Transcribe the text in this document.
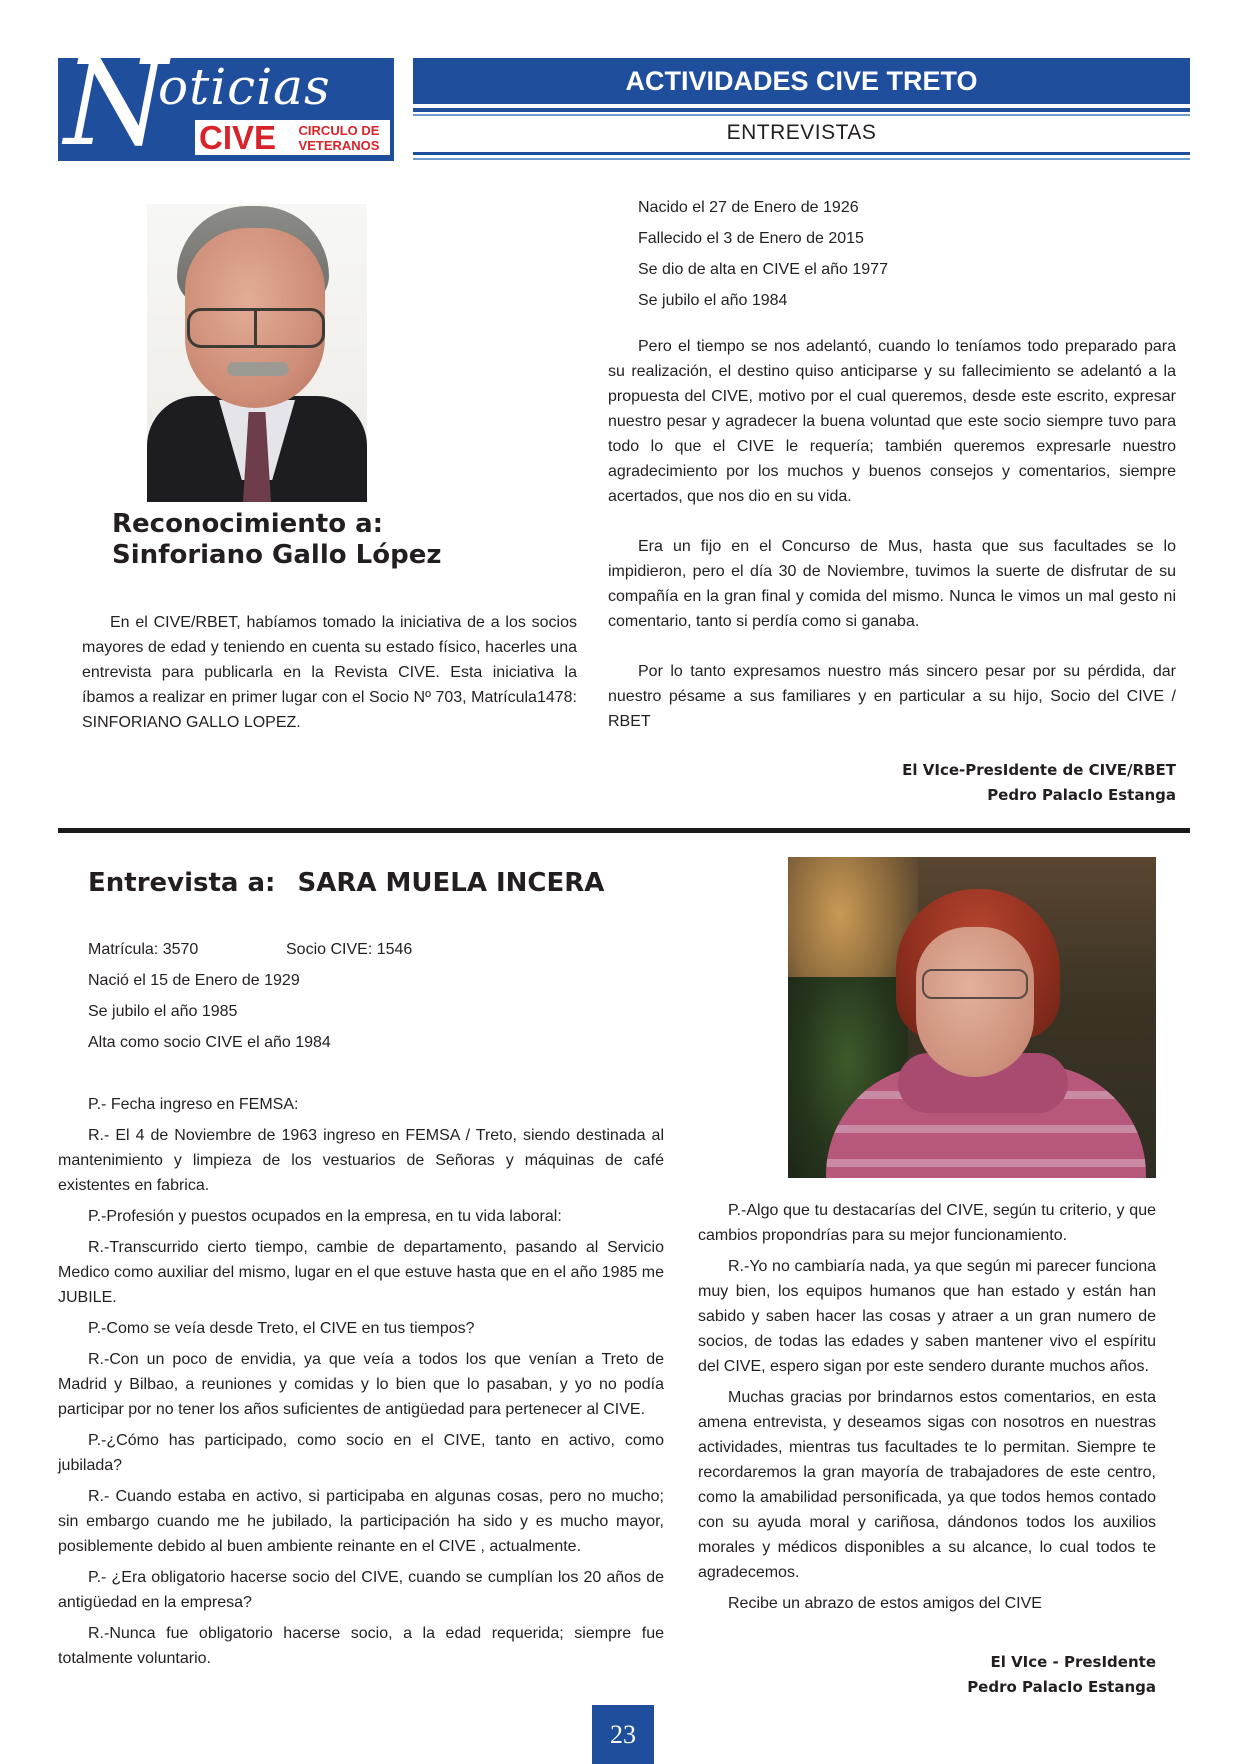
N
oticias
CIVE	CIRCULO DE
VETERANOS
ACTIVIDADES CIVE TRETO
ENTREVISTAS
Reconocimiento a:
Sinforiano Gallo López

En el CIVE/RBET, habíamos tomado la iniciativa de a los socios mayores de edad y teniendo en cuenta su estado físico, hacerles una entrevista para publicarla en la Revista CIVE. Esta iniciativa la íbamos a realizar en primer lugar con el Socio Nº 703, Matrícula1478: SINFORIANO GALLO LOPEZ.

Nacido el 27 de Enero de 1926
Fallecido el 3 de Enero de 2015
Se dio de alta en CIVE el año 1977
Se jubilo el año 1984

Pero el tiempo se nos adelantó, cuando lo teníamos todo preparado para su realización, el destino quiso anticiparse y su fallecimiento se adelantó a la propuesta del CIVE, motivo por el cual queremos, desde este escrito, expresar nuestro pesar y agradecer la buena voluntad que este socio siempre tuvo para todo lo que el CIVE le requería; también queremos expresarle nuestro agradecimiento por los muchos y buenos consejos y comentarios, siempre acertados, que nos dio en su vida.

Era un fijo en el Concurso de Mus, hasta que sus facultades se lo impidieron, pero el día 30 de Noviembre, tuvimos la suerte de disfrutar de su compañía en la gran final y comida del mismo. Nunca le vimos un mal gesto ni comentario, tanto si perdía como si ganaba.

Por lo tanto expresamos nuestro más sincero pesar por su pérdida, dar nuestro pésame a sus familiares y en particular a su hijo, Socio del CIVE / RBET

El VIce-PresIdente de CIVE/RBET
Pedro PalacIo Estanga
Entrevista a: SARA MUELA INCERA
Matrícula: 3570	Socio CIVE: 1546
Nació el 15 de Enero de 1929
Se jubilo el año 1985
Alta como socio CIVE el año 1984

P.- Fecha ingreso en FEMSA:

R.- El 4 de Noviembre de 1963 ingreso en FEMSA / Treto, siendo destinada al mantenimiento y limpieza de los vestuarios de Señoras y máquinas de café existentes en fabrica.

P.-Profesión y puestos ocupados en la empresa, en tu vida laboral:

R.-Transcurrido cierto tiempo, cambie de departamento, pasando al Servicio Medico como auxiliar del mismo, lugar en el que estuve hasta que en el año 1985 me JUBILE.

P.-Como se veía desde Treto, el CIVE en tus tiempos?

R.-Con un poco de envidia, ya que veía a todos los que venían a Treto de Madrid y Bilbao, a reuniones y comidas y lo bien que lo pasaban, y yo no podía participar por no tener los años suficientes de antigüedad para pertenecer al CIVE.

P.-¿Cómo has participado, como socio en el CIVE, tanto en activo, como jubilada?

R.- Cuando estaba en activo, si participaba en algunas cosas, pero no mucho; sin embargo cuando me he jubilado, la participación ha sido y es mucho mayor, posiblemente debido al buen ambiente reinante en el CIVE , actualmente.

P.- ¿Era obligatorio hacerse socio del CIVE, cuando se cumplían los 20 años de antigüedad en la empresa?

R.-Nunca fue obligatorio hacerse socio, a la edad requerida; siempre fue totalmente voluntario.

P.-Algo que tu destacarías del CIVE, según tu criterio, y que cambios propondrías para su mejor funcionamiento.

R.-Yo no cambiaría nada, ya que según mi parecer funciona muy bien, los equipos humanos que han estado y están han sabido y saben hacer las cosas y atraer a un gran numero de socios, de todas las edades y saben mantener vivo el espíritu del CIVE, espero sigan por este sendero durante muchos años.

Muchas gracias por brindarnos estos comentarios, en esta amena entrevista, y deseamos sigas con nosotros en nuestras actividades, mientras tus facultades te lo permitan. Siempre te recordaremos la gran mayoría de trabajadores de este centro, como la amabilidad personificada, ya que todos hemos contado con su ayuda moral y cariñosa, dándonos todos los auxilios morales y médicos disponibles a su alcance, lo cual todos te agradecemos.

Recibe un abrazo de estos amigos del CIVE

El VIce - PresIdente
Pedro PalacIo Estanga
23
